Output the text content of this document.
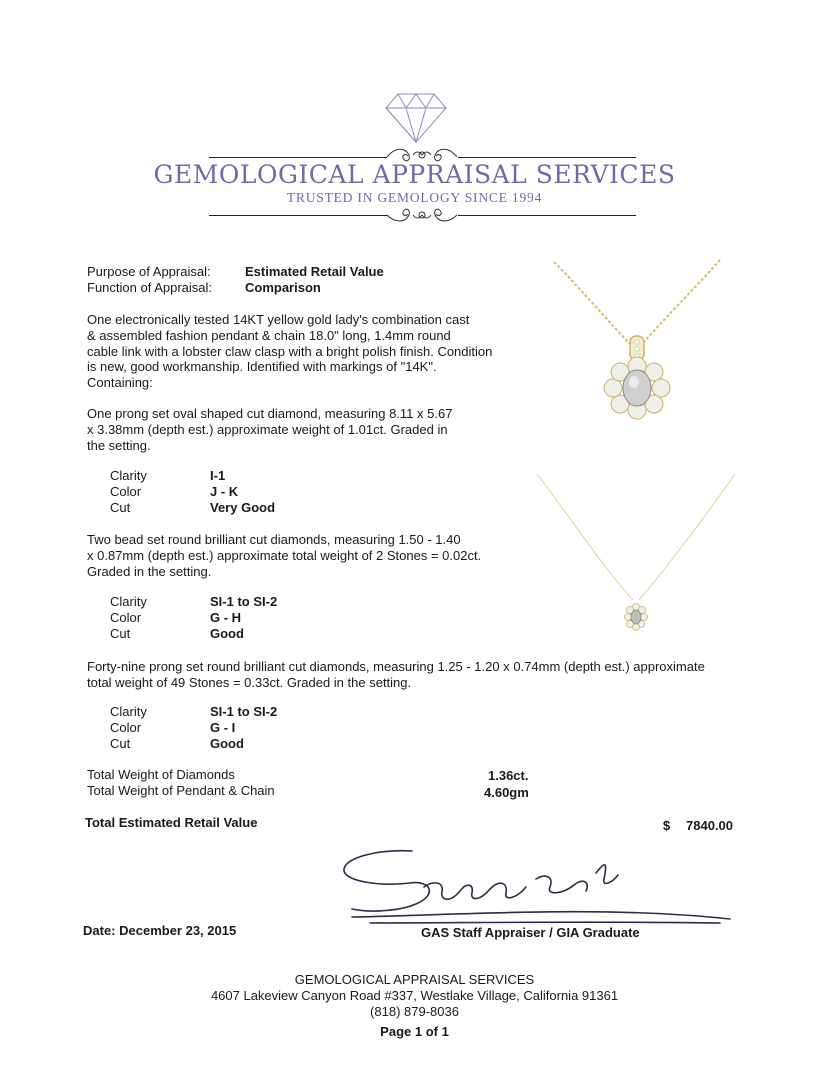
GEMOLOGICAL APPRAISAL SERVICES
TRUSTED IN GEMOLOGY SINCE 1994
Purpose of Appraisal:	Estimated Retail Value
Function of Appraisal:	Comparison
One electronically tested 14KT yellow gold lady's combination cast
& assembled fashion pendant & chain 18.0" long, 1.4mm round
cable link with a lobster claw clasp with a bright polish finish. Condition
is new, good workmanship. Identified with markings of "14K".
Containing:
One prong set oval shaped cut diamond, measuring 8.11 x 5.67
x 3.38mm (depth est.) approximate weight of 1.01ct. Graded in
the setting.
Clarity	I-1
Color	J - K
Cut	Very Good
Two bead set round brilliant cut diamonds, measuring 1.50 - 1.40
x 0.87mm (depth est.) approximate total weight of 2 Stones = 0.02ct.
Graded in the setting.
Clarity	SI-1 to SI-2
Color	G - H
Cut	Good
Forty-nine prong set round brilliant cut diamonds, measuring 1.25 - 1.20 x 0.74mm (depth est.) approximate
total weight of 49 Stones = 0.33ct. Graded in the setting.
Clarity	SI-1 to SI-2
Color	G - I
Cut	Good
Total Weight of Diamonds	1.36ct.
Total Weight of Pendant & Chain	4.60gm
Total Estimated Retail Value	$ 7840.00
Date: December 23, 2015	GAS Staff Appraiser / GIA Graduate
GEMOLOGICAL APPRAISAL SERVICES
4607 Lakeview Canyon Road #337, Westlake Village, California 91361
(818) 879-8036
Page 1 of 1
